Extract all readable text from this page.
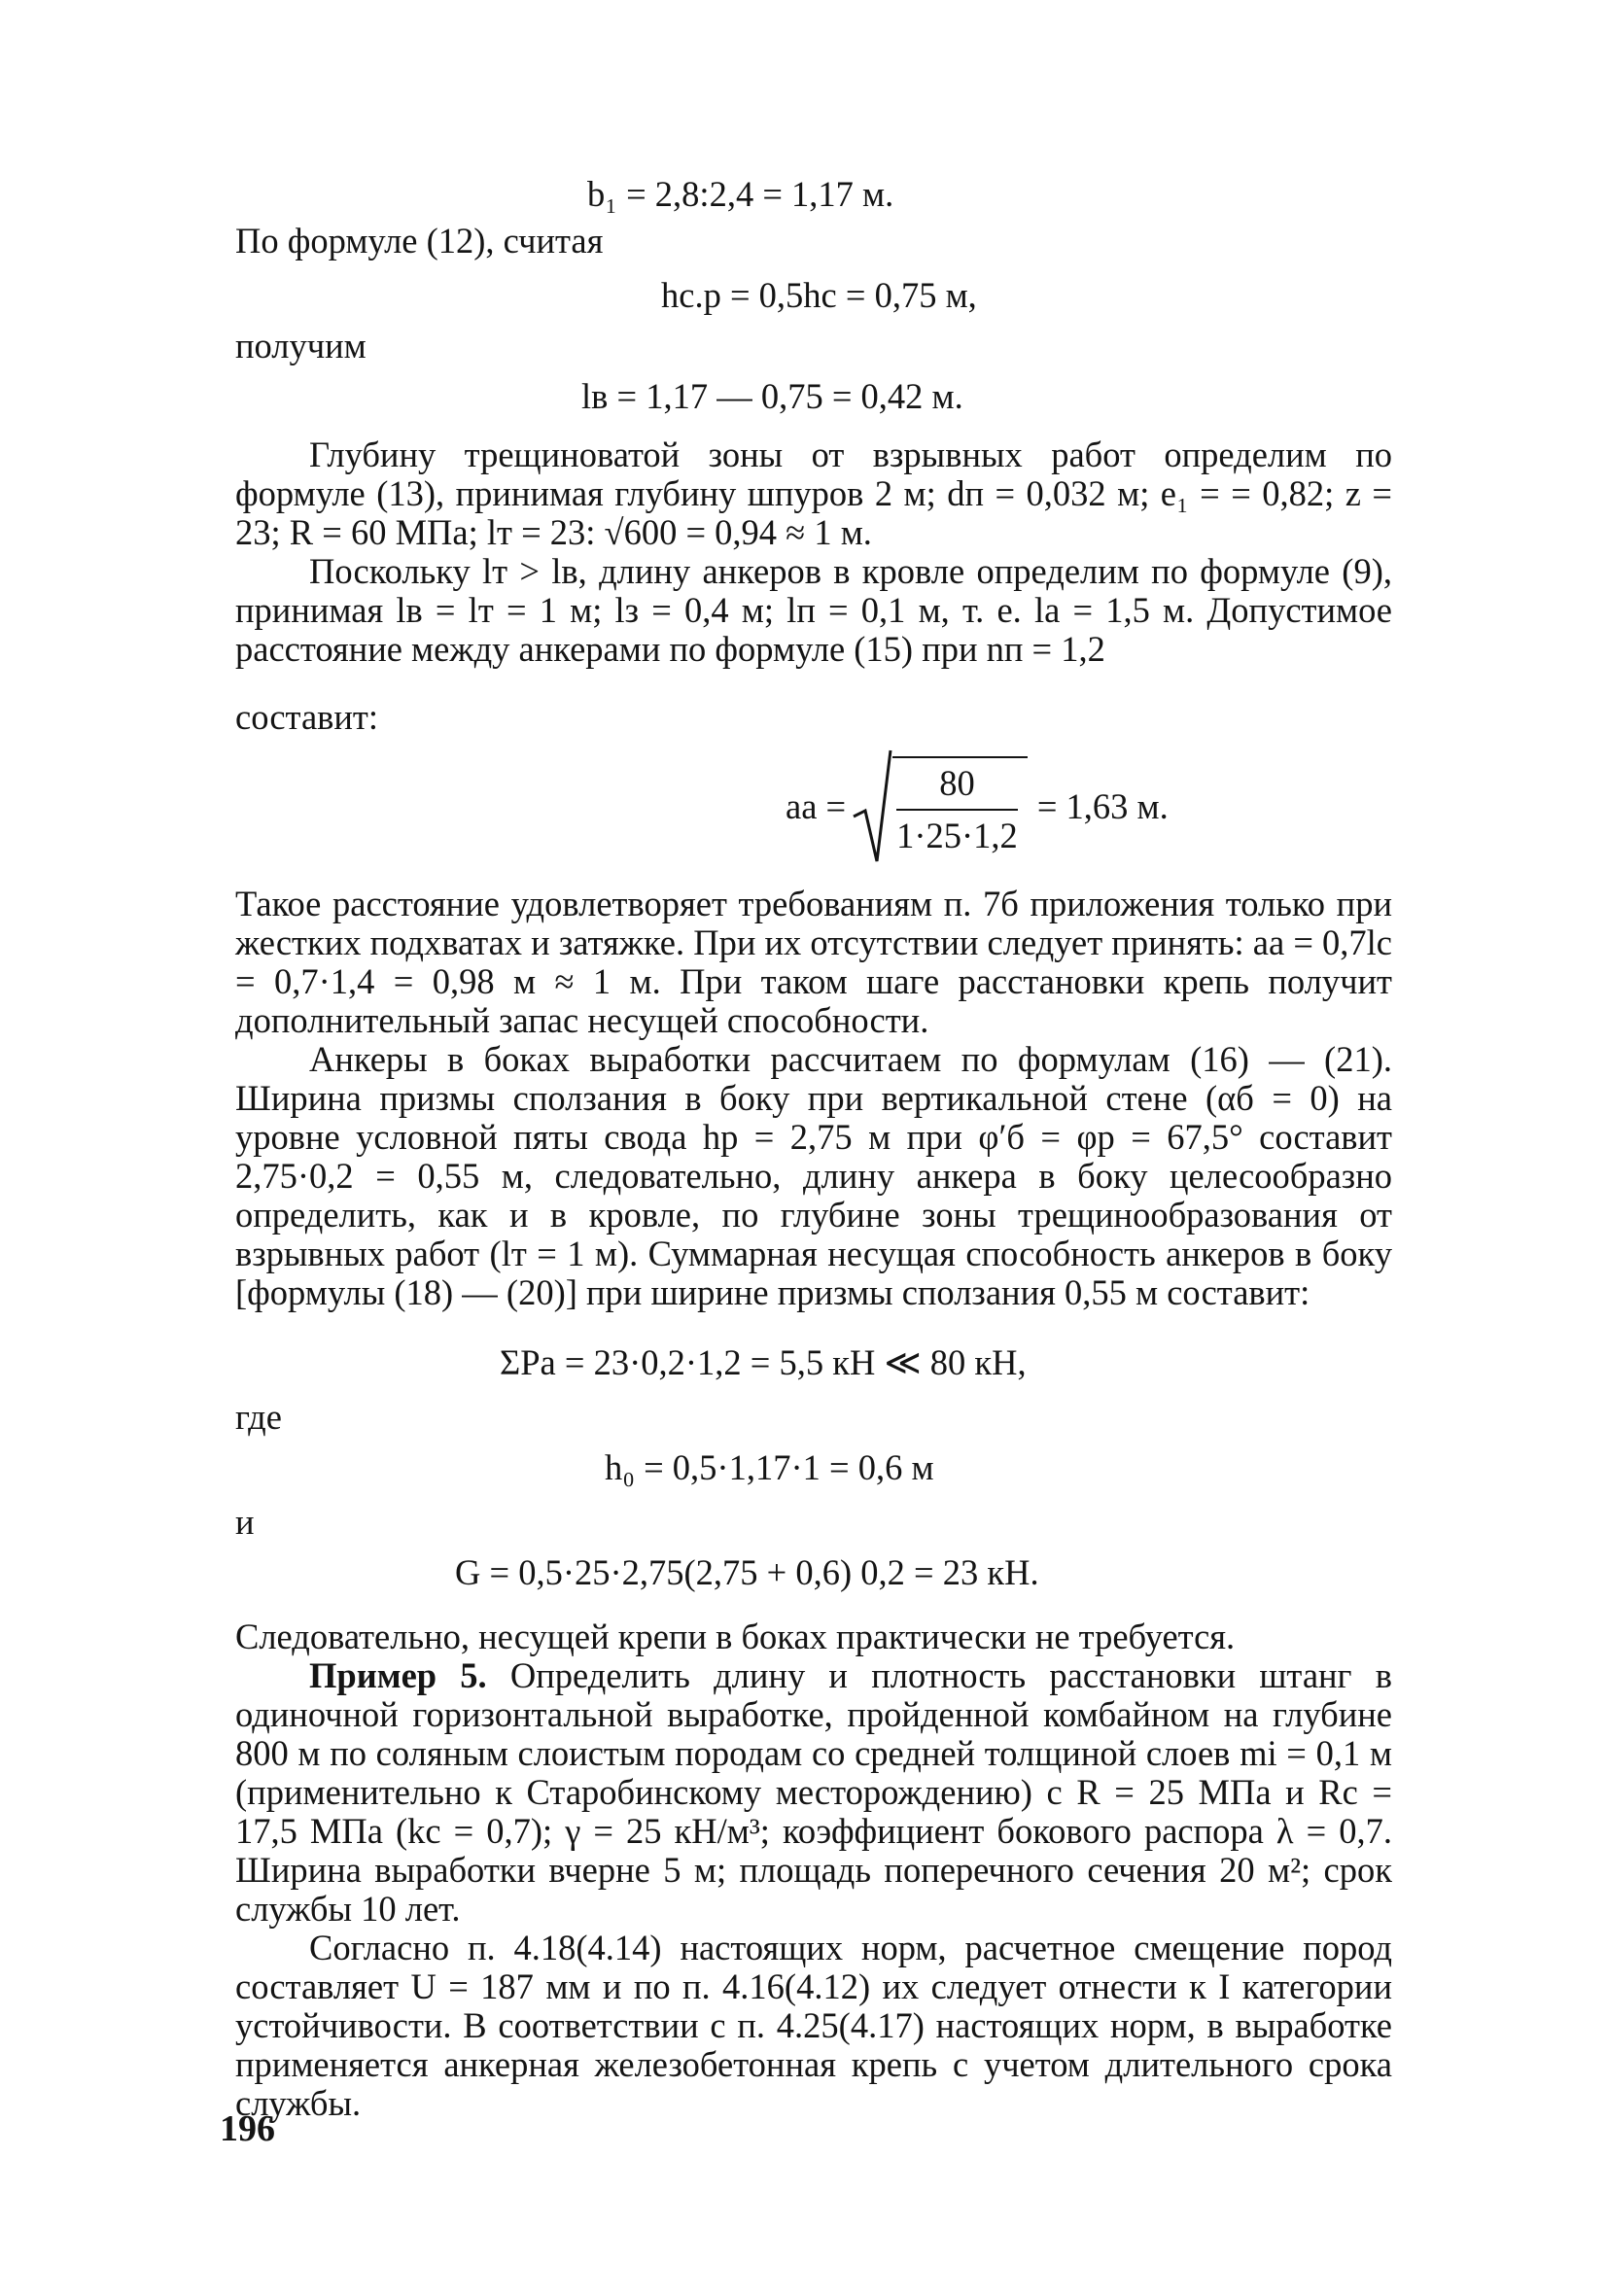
b₁ = 2,8:2,4 = 1,17 м.
По формуле (12), считая
hс.р = 0,5hс = 0,75 м,
получим
lв = 1,17 — 0,75 = 0,42 м.

Глубину трещиноватой зоны от взрывных работ определим по формуле (13), принимая глубину шпуров 2 м; dп = 0,032 м; e₁ = = 0,82; z = 23; R = 60 МПа; lт = 23: √600 = 0,94 ≈ 1 м.

Поскольку lт > lв, длину анкеров в кровле определим по формуле (9), принимая lв = lт = 1 м; lз = 0,4 м; lп = 0,1 м, т. е. lа = 1,5 м. Допустимое расстояние между анкерами по формуле (15) при nп = 1,2

составит:
aа = $\frac{80}{1\cdot 25\cdot 1,2} = 1,63$ м.

Такое расстояние удовлетворяет требованиям п. 7б приложения только при жестких подхватах и затяжке. При их отсутствии следует принять: aа = 0,7lс = 0,7·1,4 = 0,98 м ≈ 1 м. При таком шаге расстановки крепь получит дополнительный запас несущей способности.

Анкеры в боках выработки рассчитаем по формулам (16) — (21). Ширина призмы сползания в боку при вертикальной стене (αб = 0) на уровне условной пяты свода hр = 2,75 м при φ′б = φр = 67,5° составит 2,75·0,2 = 0,55 м, следовательно, длину анкера в боку целесообразно определить, как и в кровле, по глубине зоны трещинообразования от взрывных работ (lт = 1 м). Суммарная несущая способность анкеров в боку [формулы (18) — (20)] при ширине призмы сползания 0,55 м составит:

ΣPа = 23·0,2·1,2 = 5,5 кН ≪ 80 кН,
где
h₀ = 0,5·1,17·1 = 0,6 м
и
G = 0,5·25·2,75(2,75 + 0,6) 0,2 = 23 кН.

Следовательно, несущей крепи в боках практически не требуется.

Пример 5. Определить длину и плотность расстановки штанг в одиночной горизонтальной выработке, пройденной комбайном на глубине 800 м по соляным слоистым породам со средней толщиной слоев mi = 0,1 м (применительно к Старобинскому месторождению) с R = 25 МПа и Rс = 17,5 МПа (kс = 0,7); γ = 25 кН/м³; коэффициент бокового распора λ = 0,7. Ширина выработки вчерне 5 м; площадь поперечного сечения 20 м²; срок службы 10 лет.

Согласно п. 4.18(4.14) настоящих норм, расчетное смещение пород составляет U = 187 мм и по п. 4.16(4.12) их следует отнести к I категории устойчивости. В соответствии с п. 4.25(4.17) настоящих норм, в выработке применяется анкерная железобетонная крепь с учетом длительного срока службы.

196
